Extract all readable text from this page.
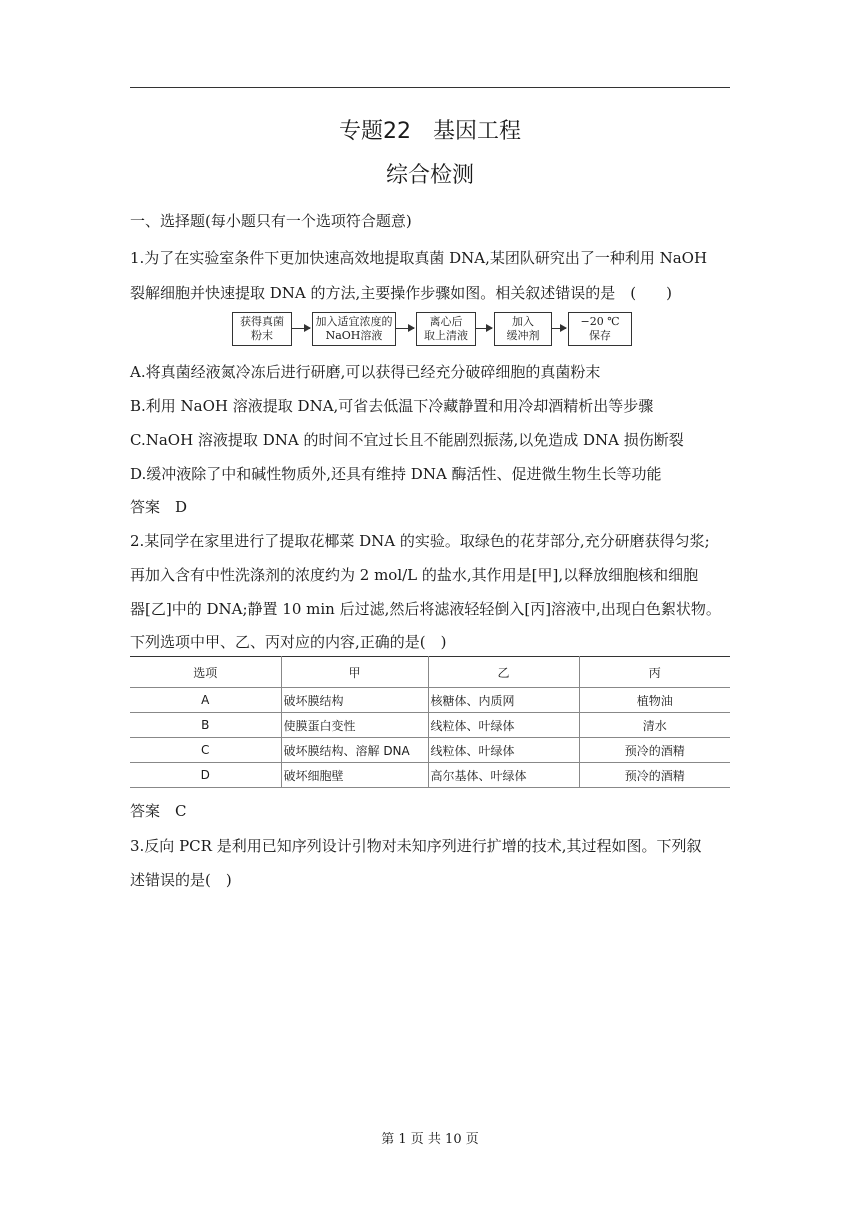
专题22　基因工程
综合检测
一、选择题(每小题只有一个选项符合题意)
1.为了在实验室条件下更加快速高效地提取真菌 DNA,某团队研究出了一种利用 NaOH
裂解细胞并快速提取 DNA 的方法,主要操作步骤如图。相关叙述错误的是　(　　)
获得真菌
粉末
加入适宜浓度的
NaOH溶液
离心后
取上清液
加入
缓冲剂
−20 ℃
保存
A.将真菌经液氮冷冻后进行研磨,可以获得已经充分破碎细胞的真菌粉末
B.利用 NaOH 溶液提取 DNA,可省去低温下冷藏静置和用冷却酒精析出等步骤
C.NaOH 溶液提取 DNA 的时间不宜过长且不能剧烈振荡,以免造成 DNA 损伤断裂
D.缓冲液除了中和碱性物质外,还具有维持 DNA 酶活性、促进微生物生长等功能
答案　D
2.某同学在家里进行了提取花椰菜 DNA 的实验。取绿色的花芽部分,充分研磨获得匀浆;
再加入含有中性洗涤剂的浓度约为 2 mol/L 的盐水,其作用是[甲],以释放细胞核和细胞
器[乙]中的 DNA;静置 10 min 后过滤,然后将滤液轻轻倒入[丙]溶液中,出现白色絮状物。
下列选项中甲、乙、丙对应的内容,正确的是(　)
选项	甲	乙	丙
A	破坏膜结构	核糖体、内质网	植物油
B	使膜蛋白变性	线粒体、叶绿体	清水
C	破坏膜结构、溶解 DNA	线粒体、叶绿体	预冷的酒精
D	破坏细胞壁	高尔基体、叶绿体	预冷的酒精
答案　C
3.反向 PCR 是利用已知序列设计引物对未知序列进行扩增的技术,其过程如图。下列叙
述错误的是(　)
第 1 页 共 10 页
